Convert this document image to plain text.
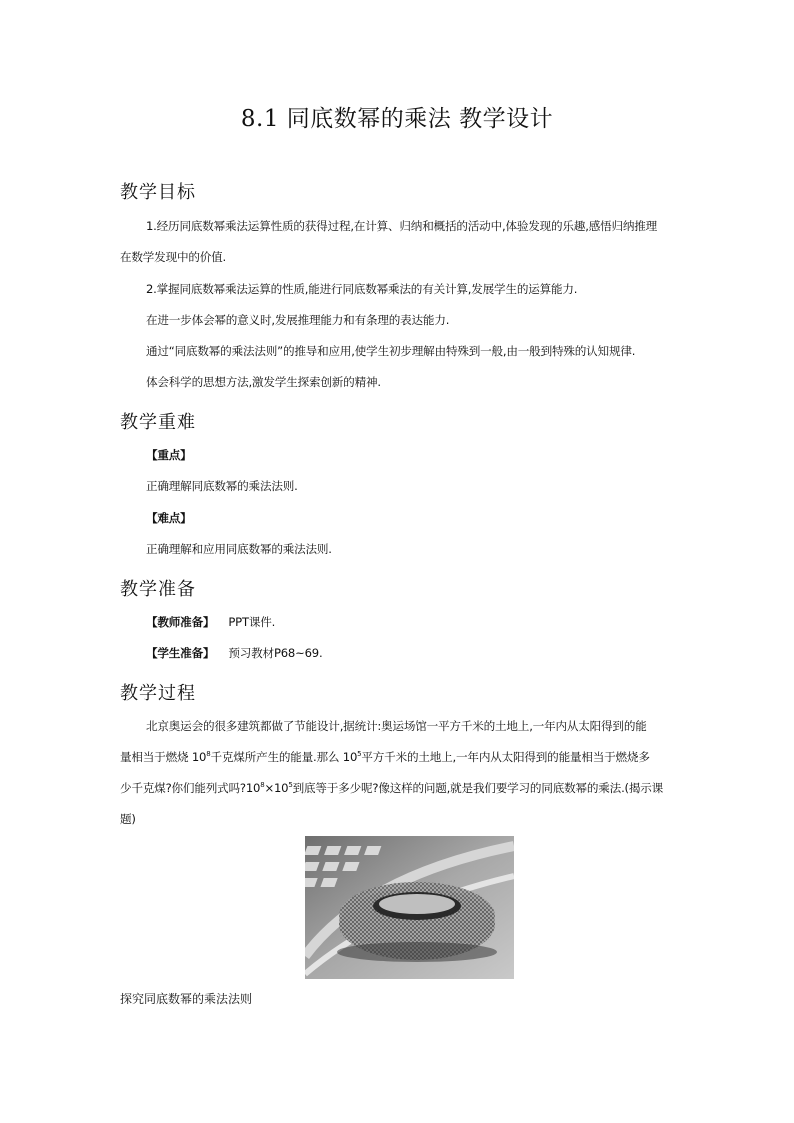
8.1 同底数幂的乘法 教学设计
教学目标
1.经历同底数幂乘法运算性质的获得过程,在计算、归纳和概括的活动中,体验发现的乐趣,感悟归纳推理
在数学发现中的价值.
2.掌握同底数幂乘法运算的性质,能进行同底数幂乘法的有关计算,发展学生的运算能力.
在进一步体会幂的意义时,发展推理能力和有条理的表达能力.
通过“同底数幂的乘法法则”的推导和应用,使学生初步理解由特殊到一般,由一般到特殊的认知规律.
体会科学的思想方法,激发学生探索创新的精神.
教学重难
【重点】
正确理解同底数幂的乘法法则.
【难点】
正确理解和应用同底数幂的乘法法则.
教学准备
【教师准备】 PPT课件.
【学生准备】 预习教材P68~69.
教学过程
北京奥运会的很多建筑都做了节能设计,据统计:奥运场馆一平方千米的土地上,一年内从太阳得到的能
量相当于燃烧 $10^8$千克煤所产生的能量.那么 $10^5$平方千米的土地上,一年内从太阳得到的能量相当于燃烧多
少千克煤?你们能列式吗$?10^8\times 10^5$到底等于多少呢?像这样的问题,就是我们要学习的同底数幂的乘法.(揭示课
题)
探究同底数幂的乘法法则
